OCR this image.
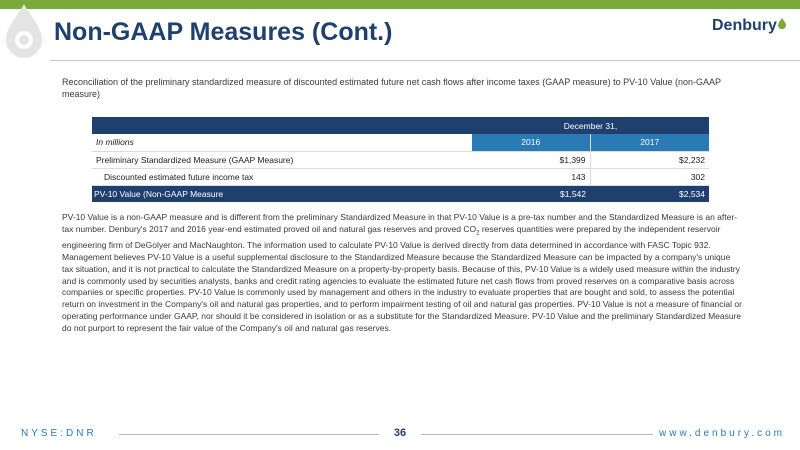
Non-GAAP Measures (Cont.)	Denbury
Reconciliation of the preliminary standardized measure of discounted estimated future net cash flows after income taxes (GAAP measure) to PV-10 Value (non-GAAP measure)
	December 31,	
In millions	2016	2017
Preliminary Standardized Measure (GAAP Measure)	$1,399	$2,232
Discounted estimated future income tax	143	302
PV-10 Value (Non-GAAP Measure	$1,542	$2,534
PV-10 Value is a non-GAAP measure and is different from the preliminary Standardized Measure in that PV-10 Value is a pre-tax number and the Standardized Measure is an after-tax number. Denbury's 2017 and 2016 year-end estimated proved oil and natural gas reserves and proved $CO_2$ reserves quantities were prepared by the independent reservoir engineering firm of DeGolyer and MacNaughton. The information used to calculate PV-10 Value is derived directly from data determined in accordance with FASC Topic 932. Management believes PV-10 Value is a useful supplemental disclosure to the Standardized Measure because the Standardized Measure can be impacted by a company's unique tax situation, and it is not practical to calculate the Standardized Measure on a property-by-property basis. Because of this, PV-10 Value is a widely used measure within the industry and is commonly used by securities analysts, banks and credit rating agencies to evaluate the estimated future net cash flows from proved reserves on a comparative basis across companies or specific properties. PV-10 Value is commonly used by management and others in the industry to evaluate properties that are bought and sold, to assess the potential return on investment in the Company's oil and natural gas properties, and to perform impairment testing of oil and natural gas properties. PV-10 Value is not a measure of financial or operating performance under GAAP, nor should it be considered in isolation or as a substitute for the Standardized Measure. PV-10 Value and the preliminary Standardized Measure do not purport to represent the fair value of the Company's oil and natural gas reserves.
NYSE:DNR	36	www.denbury.com
